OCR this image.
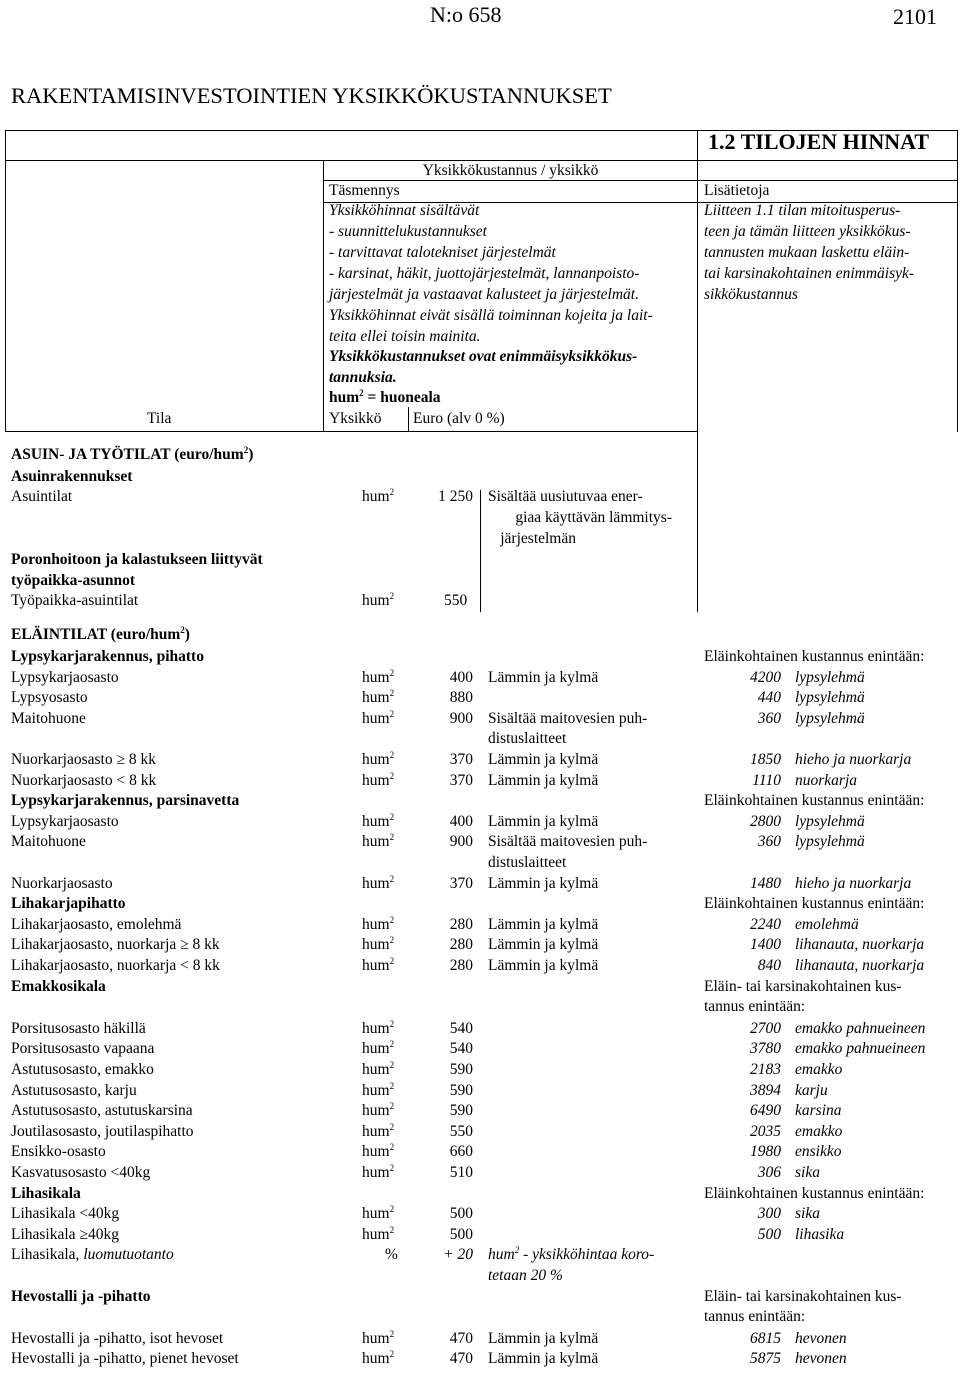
N:o 658	2101
RAKENTAMISINVESTOINTIEN YKSIKKÖKUSTANNUKSET
1.2 TILOJEN HINNAT
Yksikkökustannus / yksikkö
Täsmennys	Lisätietoja
Yksikköhinnat sisältävät
- suunnittelukustannukset
- tarvittavat talotekniset järjestelmät
- karsinat, häkit, juottojärjestelmät, lannanpoisto-
järjestelmät ja vastaavat kalusteet ja järjestelmät.
Yksikköhinnat eivät sisällä toiminnan kojeita ja lait-
teita ellei toisin mainita.
Yksikkökustannukset ovat enimmäisyksikkökus-
tannuksia.
Liitteen 1.1 tilan mitoitusperus-
teen ja tämän liitteen yksikkökus-
tannusten mukaan laskettu eläin-
tai karsinakohtainen enimmäisyk-
sikkökustannus
hum$^2$ = huoneala
Tila	Yksikkö Euro (alv 0 %)
ASUIN- JA TYÖTILAT (euro/hum$^2$)
Asuinrakennukset
Asuintilat	hum$^2$	1 250 Sisältää uusiutuvaa ener-
giaa käyttävän lämmitys-
järjestelmän
Poronhoitoon ja kalastukseen liittyvät
työpaikka-asunnot
Työpaikka-asuintilat	hum$^2$	550
ELÄINTILAT (euro/hum$^2$)
Lypsykarjarakennus, pihatto	Eläinkohtainen kustannus enintään:
Lypsykarjaosasto	hum$^2$	400 Lämmin ja kylmä	4200 lypsylehmä
Lypsyosasto	hum$^2$	880	440 lypsylehmä
Maitohuone	hum$^2$	900 Sisältää maitovesien puh-	360 lypsylehmä
distuslaitteet
Nuorkarjaosasto ≥ 8 kk	hum$^2$	370 Lämmin ja kylmä	1850 hieho ja nuorkarja
Nuorkarjaosasto < 8 kk	hum$^2$	370 Lämmin ja kylmä	1110 nuorkarja
Lypsykarjarakennus, parsinavetta	Eläinkohtainen kustannus enintään:
Lypsykarjaosasto	hum$^2$	400 Lämmin ja kylmä	2800 lypsylehmä
Maitohuone	hum$^2$	900 Sisältää maitovesien puh-	360 lypsylehmä
distuslaitteet
Nuorkarjaosasto	hum$^2$	370 Lämmin ja kylmä	1480 hieho ja nuorkarja
Lihakarjapihatto	Eläinkohtainen kustannus enintään:
Lihakarjaosasto, emolehmä	hum$^2$	280 Lämmin ja kylmä	2240 emolehmä
Lihakarjaosasto, nuorkarja ≥ 8 kk	hum$^2$	280 Lämmin ja kylmä	1400 lihanauta, nuorkarja
Lihakarjaosasto, nuorkarja < 8 kk	hum$^2$	280 Lämmin ja kylmä	840 lihanauta, nuorkarja
Emakkosikala	Eläin- tai karsinakohtainen kus-
tannus enintään:
Porsitusosasto häkillä	hum$^2$	540	2700 emakko pahnueineen
Porsitusosasto vapaana	hum$^2$	540	3780 emakko pahnueineen
Astutusosasto, emakko	hum$^2$	590	2183 emakko
Astutusosasto, karju	hum$^2$	590	3894 karju
Astutusosasto, astutuskarsina	hum$^2$	590	6490 karsina
Joutilasosasto, joutilaspihatto	hum$^2$	550	2035 emakko
Ensikko-osasto	hum$^2$	660	1980 ensikko
Kasvatusosasto <40kg	hum$^2$	510	306 sika
Lihasikala	Eläinkohtainen kustannus enintään:
Lihasikala <40kg	hum$^2$	500	300 sika
Lihasikala ≥40kg	hum$^2$	500	500 lihasika
Lihasikala, luomutuotanto	%	+ 20 hum$^2$ - yksikköhintaa koro-
tetaan 20 %
Hevostalli ja -pihatto	Eläin- tai karsinakohtainen kus-
tannus enintään:
Hevostalli ja -pihatto, isot hevoset	hum$^2$	470 Lämmin ja kylmä	6815 hevonen
Hevostalli ja -pihatto, pienet hevoset	hum$^2$	470 Lämmin ja kylmä	5875 hevonen
